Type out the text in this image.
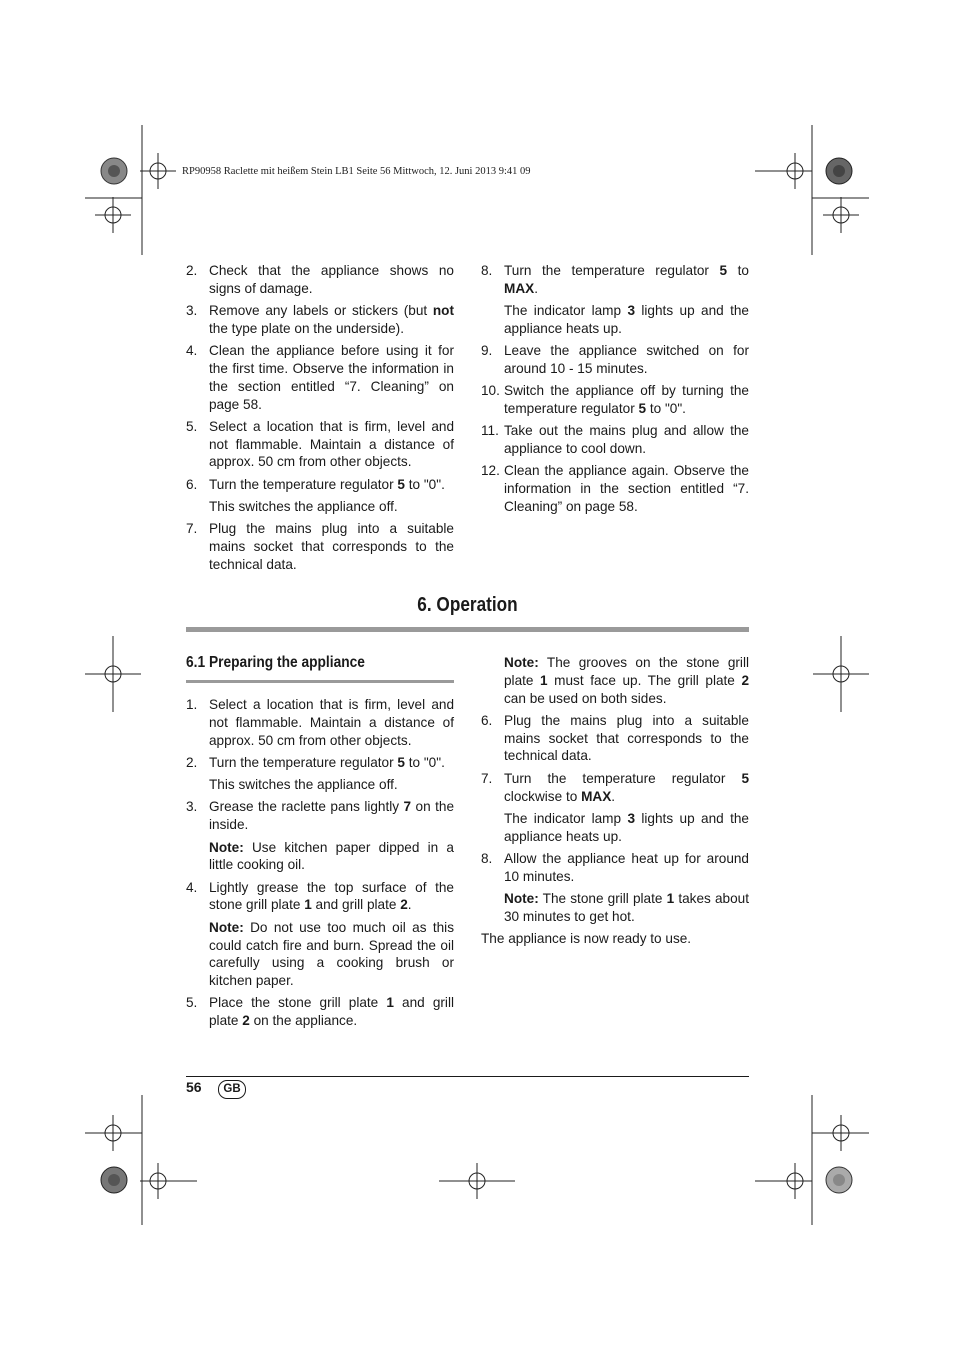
RP90958 Raclette mit heißem Stein LB1 Seite 56 Mittwoch, 12. Juni 2013 9:41 09
2. Check that the appliance shows no signs of damage.

3. Remove any labels or stickers (but not the type plate on the underside).

4. Clean the appliance before using it for the first time. Observe the information in the section entitled “7. Cleaning” on page 58.

5. Select a location that is firm, level and not flammable. Maintain a distance of approx. 50 cm from other objects.

6. Turn the temperature regulator 5 to "0".

This switches the appliance off.

7. Plug the mains plug into a suitable mains socket that corresponds to the technical data.

8. Turn the temperature regulator 5 to MAX.

The indicator lamp 3 lights up and the appliance heats up.

9. Leave the appliance switched on for around 10 - 15 minutes.

10. Switch the appliance off by turning the temperature regulator 5 to "0".

11. Take out the mains plug and allow the appliance to cool down.

12. Clean the appliance again. Observe the information in the section entitled “7. Cleaning” on page 58.

6. Operation
6.1 Preparing the appliance
1. Select a location that is firm, level and not flammable. Maintain a distance of approx. 50 cm from other objects.

2. Turn the temperature regulator 5 to "0".

This switches the appliance off.

3. Grease the raclette pans lightly 7 on the inside.

Note: Use kitchen paper dipped in a little cooking oil.

4. Lightly grease the top surface of the stone grill plate 1 and grill plate 2.

Note: Do not use too much oil as this could catch fire and burn. Spread the oil carefully using a cooking brush or kitchen paper.

5. Place the stone grill plate 1 and grill plate 2 on the appliance.

Note: The grooves on the stone grill plate 1 must face up. The grill plate 2 can be used on both sides.
6. Plug the mains plug into a suitable mains socket that corresponds to the technical data.

7. Turn the temperature regulator 5 clockwise to MAX.

The indicator lamp 3 lights up and the appliance heats up.

8. Allow the appliance heat up for around 10 minutes.

Note: The stone grill plate 1 takes about 30 minutes to get hot.

The appliance is now ready to use.
56	GB
